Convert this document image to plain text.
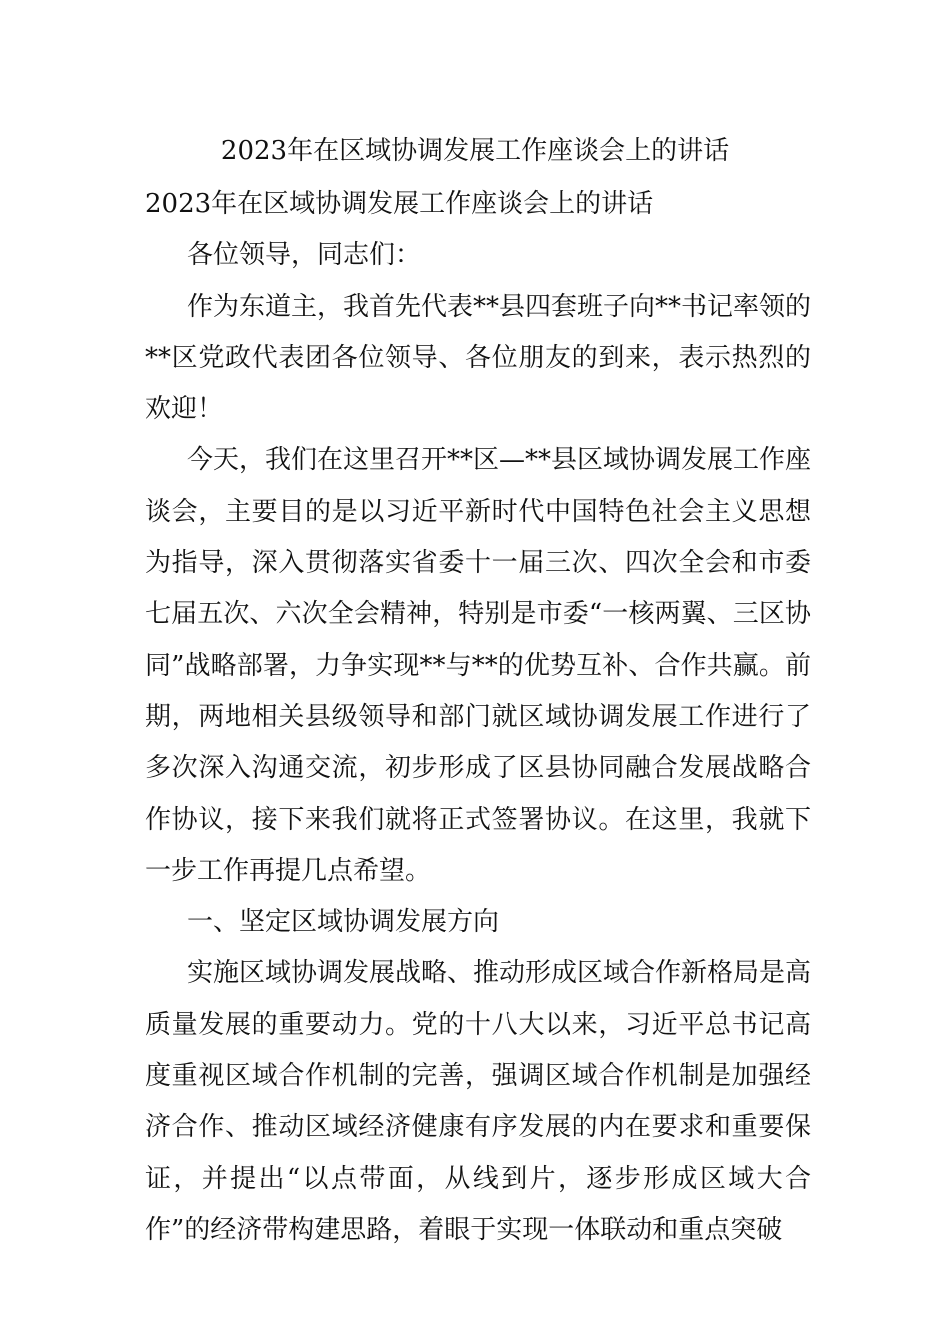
2023年在区域协调发展工作座谈会上的讲话

2023年在区域协调发展工作座谈会上的讲话

各位领导，同志们：

作为东道主，我首先代表**县四套班子向**书记率领的**区党政代表团各位领导、各位朋友的到来，表示热烈的欢迎！

今天，我们在这里召开**区—**县区域协调发展工作座谈会，主要目的是以习近平新时代中国特色社会主义思想为指导，深入贯彻落实省委十一届三次、四次全会和市委七届五次、六次全会精神，特别是市委“一核两翼、三区协同”战略部署，力争实现**与**的优势互补、合作共赢。前期，两地相关县级领导和部门就区域协调发展工作进行了多次深入沟通交流，初步形成了区县协同融合发展战略合作协议，接下来我们就将正式签署协议。在这里，我就下一步工作再提几点希望。

一、坚定区域协调发展方向

实施区域协调发展战略、推动形成区域合作新格局是高质量发展的重要动力。党的十八大以来，习近平总书记高度重视区域合作机制的完善，强调区域合作机制是加强经济合作、推动区域经济健康有序发展的内在要求和重要保证，并提出“以点带面，从线到片，逐步形成区域大合作”的经济带构建思路，着眼于实现一体联动和重点突破
